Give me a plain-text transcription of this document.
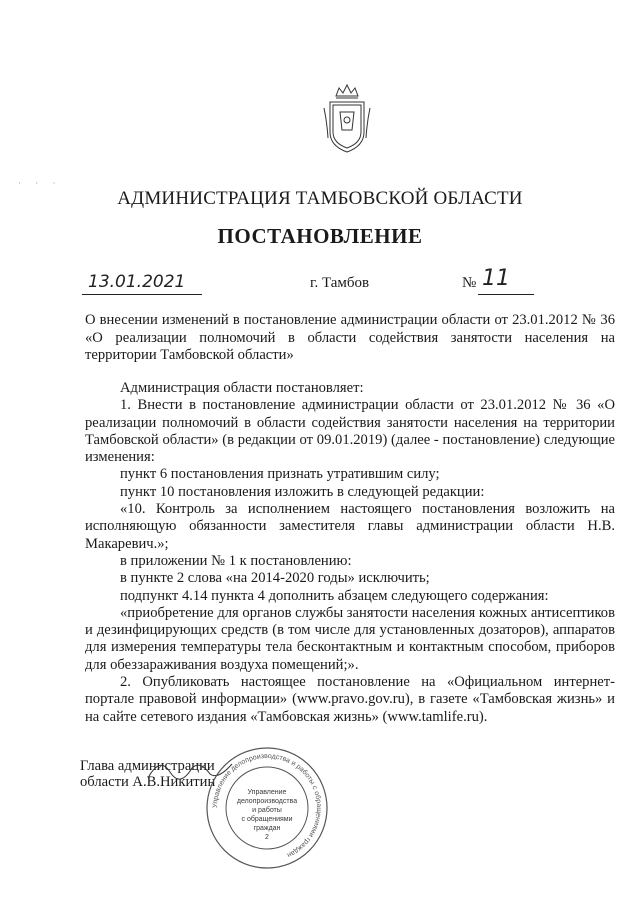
· · ·
АДМИНИСТРАЦИЯ ТАМБОВСКОЙ ОБЛАСТИ
ПОСТАНОВЛЕНИЕ
13.01.2021	г. Тамбов	№ 11
О внесении изменений в постановление администрации области от 23.01.2012 № 36 «О реализации полномочий в области содействия занятости населения на территории Тамбовской области»

Администрация области постановляет:

1. Внести в постановление администрации области от 23.01.2012 № 36 «О реализации полномочий в области содействия занятости населения на территории Тамбовской области» (в редакции от 09.01.2019) (далее - постановление) следующие изменения:

пункт 6 постановления признать утратившим силу;

пункт 10 постановления изложить в следующей редакции:

«10. Контроль за исполнением настоящего постановления возложить на исполняющую обязанности заместителя главы администрации области Н.В. Макаревич.»;

в приложении № 1 к постановлению:

в пункте 2 слова «на 2014-2020 годы» исключить;

подпункт 4.14 пункта 4 дополнить абзацем следующего содержания:

«приобретение для органов службы занятости населения кожных антисептиков и дезинфицирующих средств (в том числе для установленных дозаторов), аппаратов для измерения температуры тела бесконтактным и контактным способом, приборов для обеззараживания воздуха помещений;».

2. Опубликовать настоящее постановление на «Официальном интернет-портале правовой информации» (www.pravo.gov.ru), в газете «Тамбовская жизнь» и на сайте сетевого издания «Тамбовская жизнь» (www.tamlife.ru).

Глава администрации
области А.В.Никитин
Управление делопроизводства и работы с обращениями граждан
Управление
делопроизводства
и работы
с обращениями
граждан
2
